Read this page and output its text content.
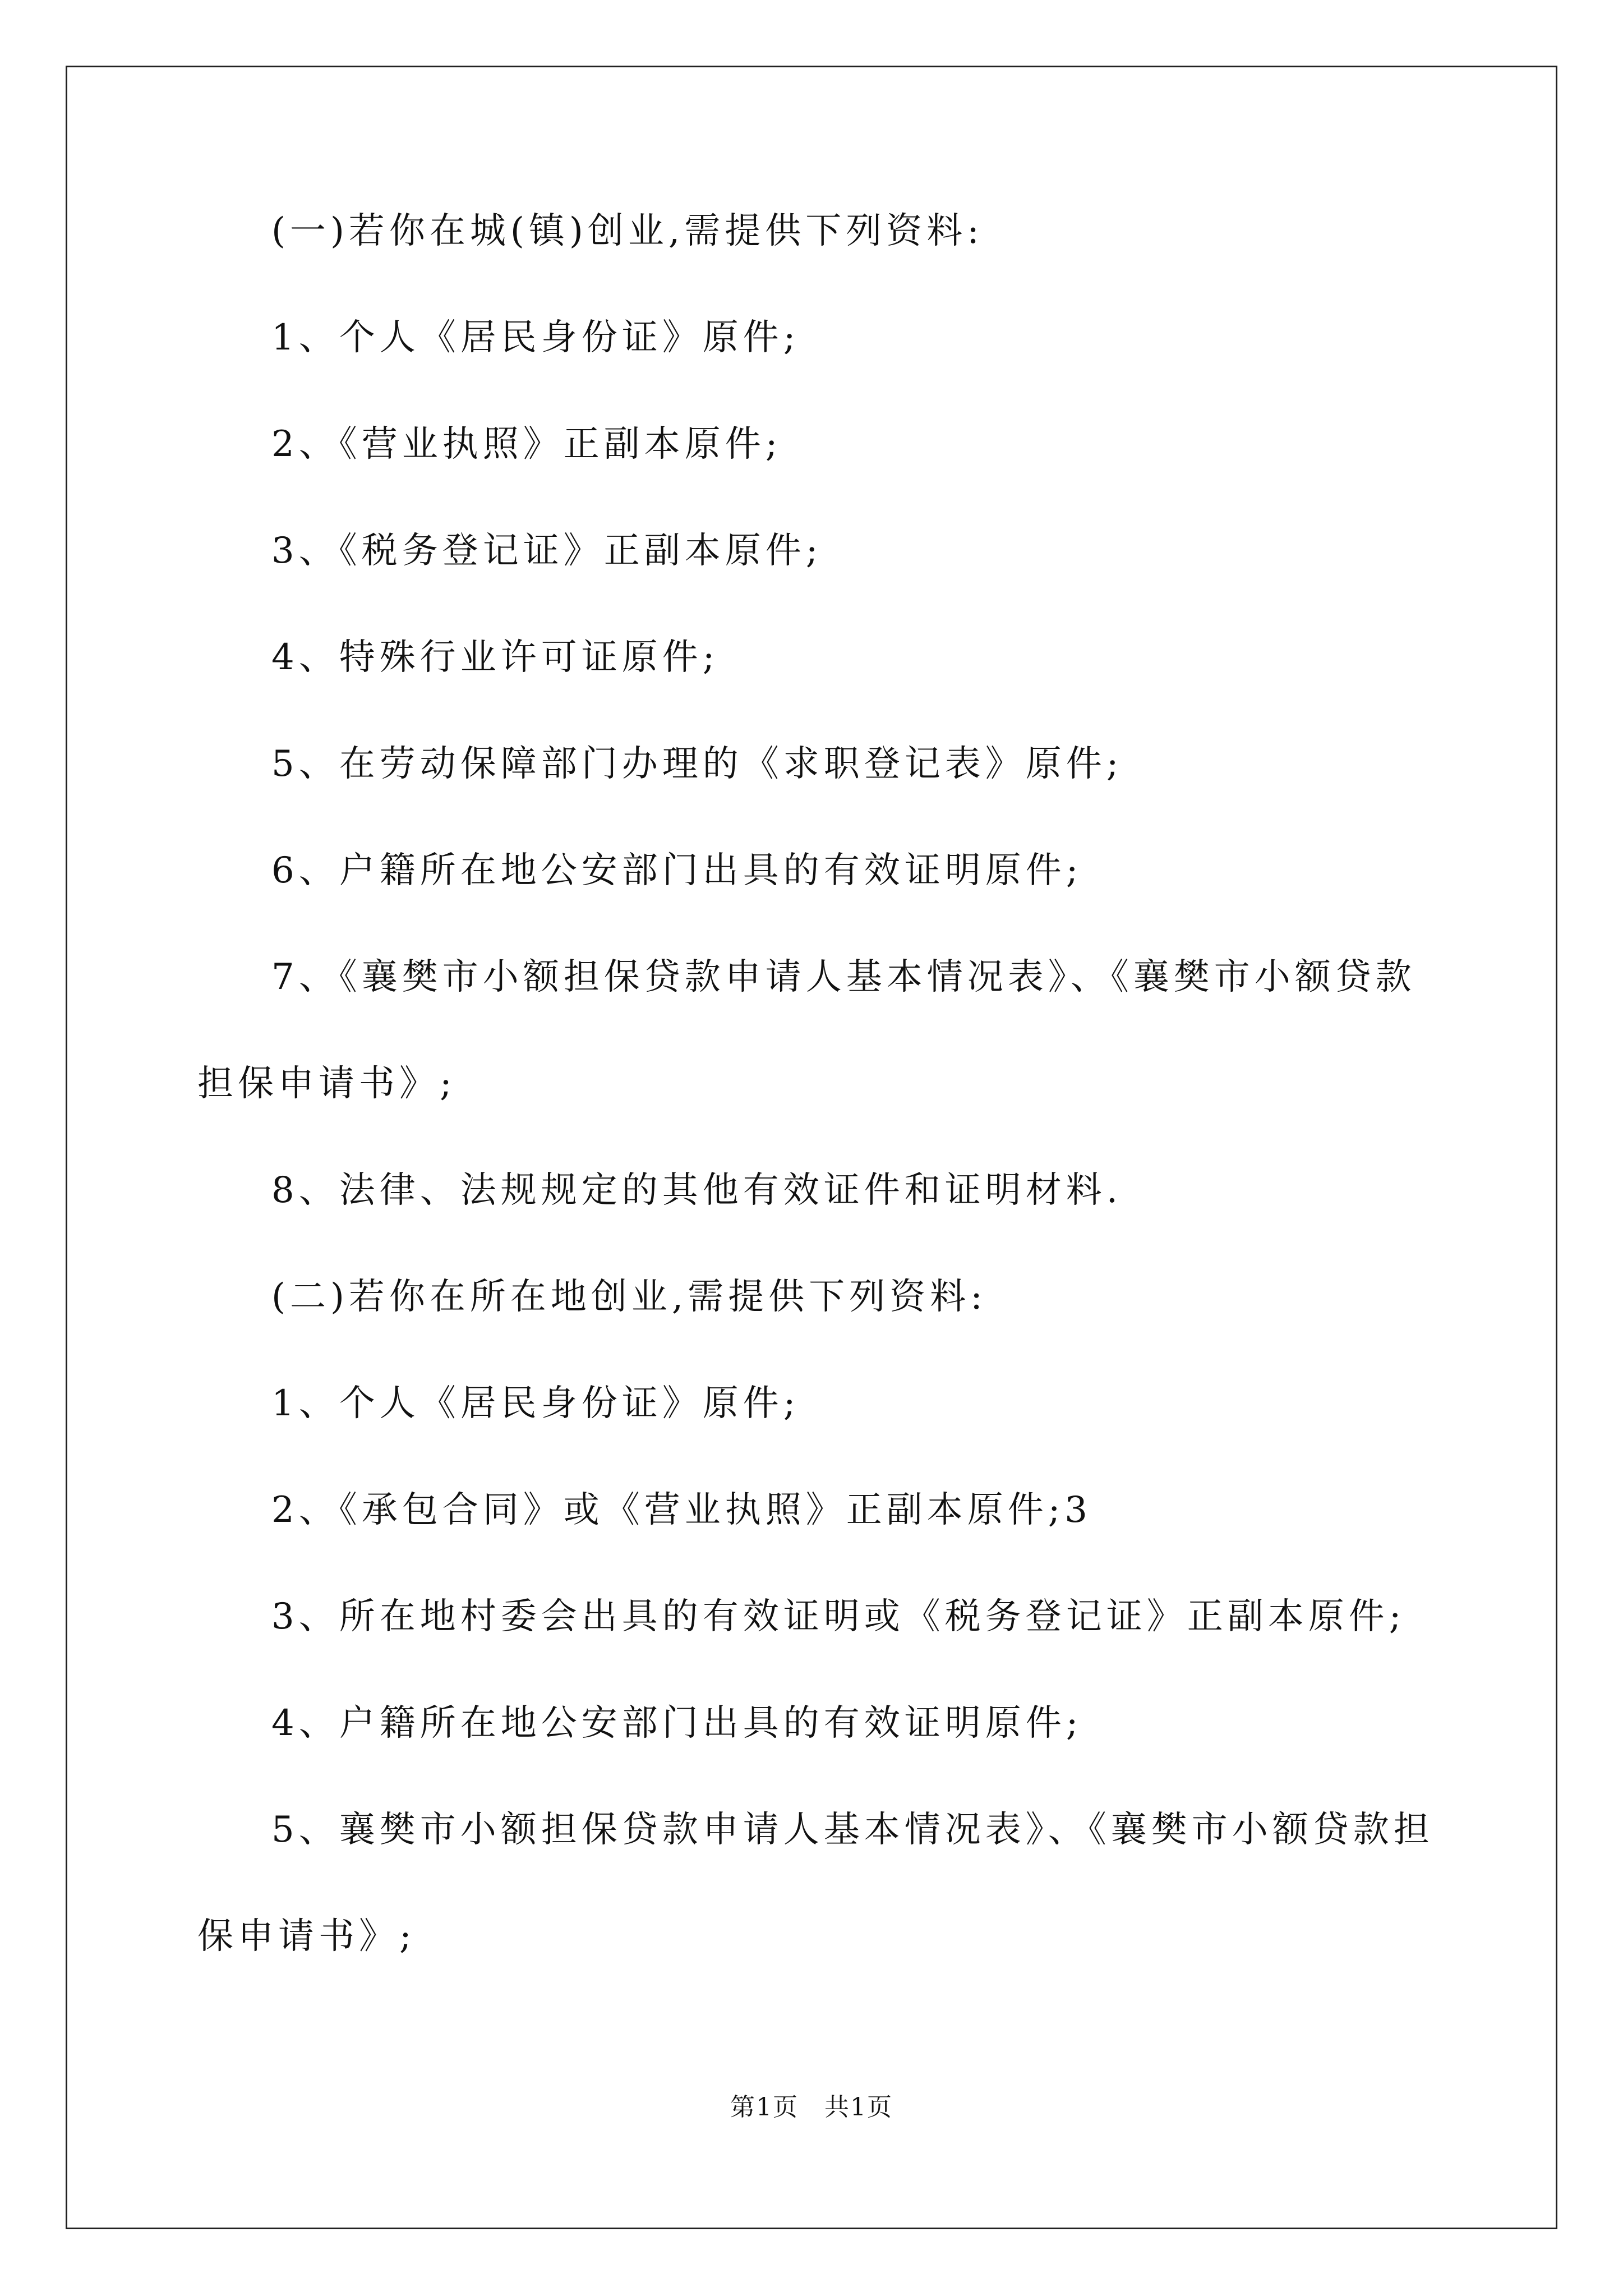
(一)若你在城(镇)创业,需提供下列资料:
1、个人《居民身份证》原件;
2、《营业执照》正副本原件;
3、《税务登记证》正副本原件;
4、特殊行业许可证原件;
5、在劳动保障部门办理的《求职登记表》原件;
6、户籍所在地公安部门出具的有效证明原件;
7、《襄樊市小额担保贷款申请人基本情况表》、《襄樊市小额贷款
担保申请书》;
8、法律、法规规定的其他有效证件和证明材料.
(二)若你在所在地创业,需提供下列资料:
1、个人《居民身份证》原件;
2、《承包合同》或《营业执照》正副本原件;3
3、所在地村委会出具的有效证明或《税务登记证》正副本原件;
4、户籍所在地公安部门出具的有效证明原件;
5、襄樊市小额担保贷款申请人基本情况表》、《襄樊市小额贷款担
保申请书》;
第1页　共1页
